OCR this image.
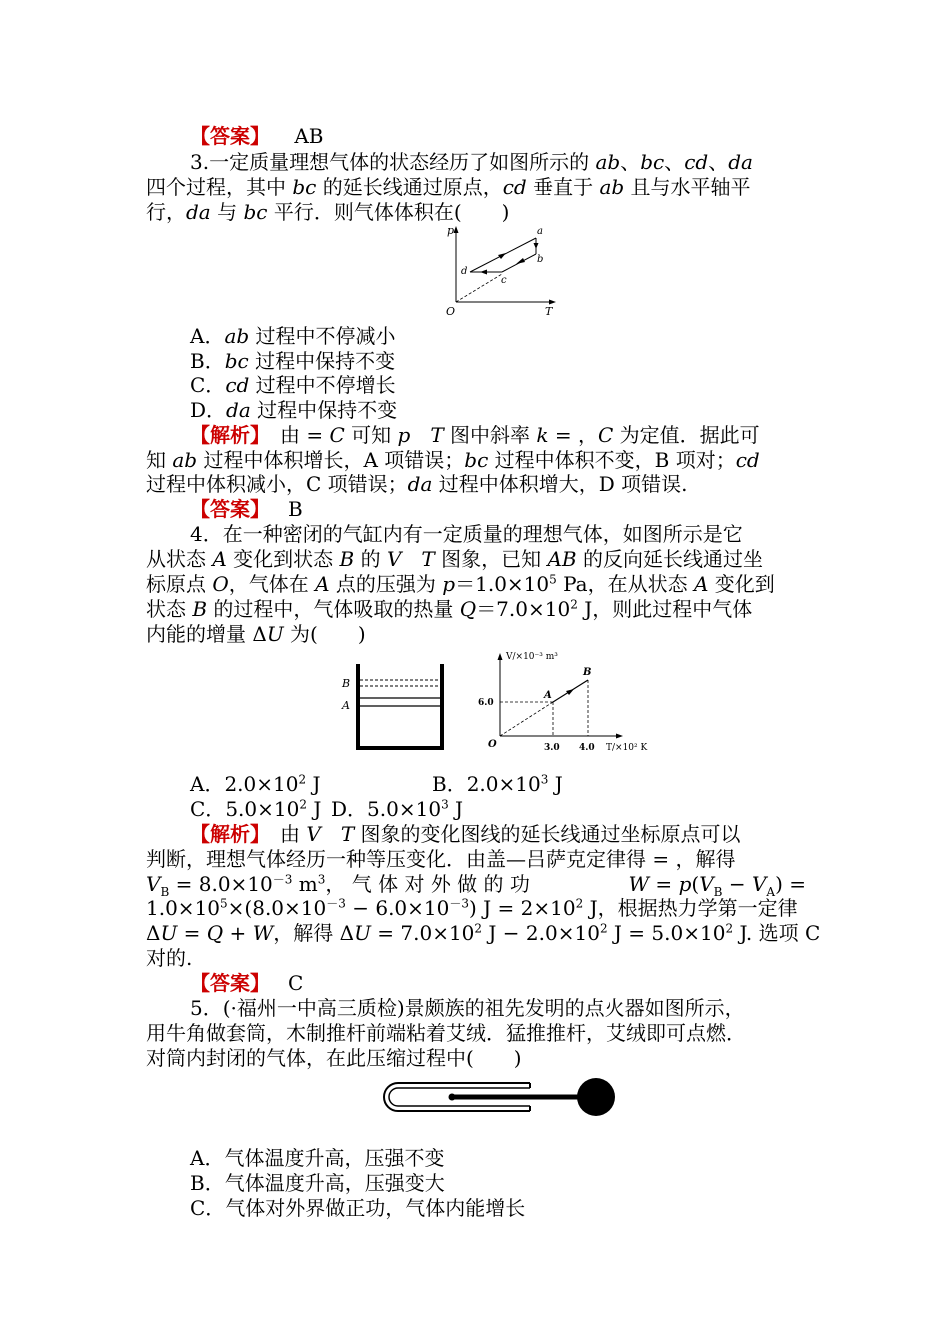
【答案】 AB
3.一定质量理想气体的状态经历了如图所示的 ab、bc、cd、da
四个过程，其中 bc 的延长线通过原点，cd 垂直于 ab 且与水平轴平
行，da 与 bc 平行．则气体体积在(　　)
p
T
O
a
b
c
d
A．ab 过程中不停减小
B．bc 过程中保持不变
C．cd 过程中不停增长
D．da 过程中保持不变
【解析】　由 = C 可知 p　 T 图中斜率 k = ，C 为定值．据此可
知 ab 过程中体积增长，A 项错误；bc 过程中体积不变，B 项对；cd
过程中体积减小，C 项错误；da 过程中体积增大，D 项错误.
【答案】 B
4．在一种密闭的气缸内有一定质量的理想气体，如图所示是它
从状态 A 变化到状态 B 的 V　 T 图象，已知 AB 的反向延长线通过坐
标原点 O，气体在 A 点的压强为 $p=1.0\times 10^5$ Pa，在从状态 A 变化到
状态 B 的过程中，气体吸取的热量 $Q=7.0\times 10^2$ J，则此过程中气体
内能的增量 ΔU 为(　　)
B
A
V/×10⁻³ m³
T/×10² K
6.0
3.0 4.0
O
A
B
A．$2.0\times 10^2$ J	B．$2.0\times 10^3$ J
C．$5.0\times 10^2$ J D．$5.0\times 10^3$ J
【解析】　由 V　 T 图象的变化图线的延长线通过坐标原点可以
判断，理想气体经历一种等压变化．由盖—吕萨克定律得 = ，解得
$V_B = 8.0\times 10^{-3}$ $m^3$， 气 体 对 外 做 的 功	$W = p(V_B - V_A)$ =
$1.0\times 10^5\times(8.0\times 10^{-3} - 6.0\times 10^{-3}) J = 2\times 10^2$ J，根据热力学第一定律
ΔU = Q + W，解得 $\Delta U = 7.0\times 10^2$ $J - 2.0\times 10^2$ $J = 5.0\times 10^2$ J. 选项 C
对的.
【答案】 C
5．(·福州一中高三质检)景颇族的祖先发明的点火器如图所示，
用牛角做套筒，木制推杆前端粘着艾绒．猛推推杆，艾绒即可点燃．
对筒内封闭的气体，在此压缩过程中(　　)
A．气体温度升高，压强不变
B．气体温度升高，压强变大
C．气体对外界做正功，气体内能增长
